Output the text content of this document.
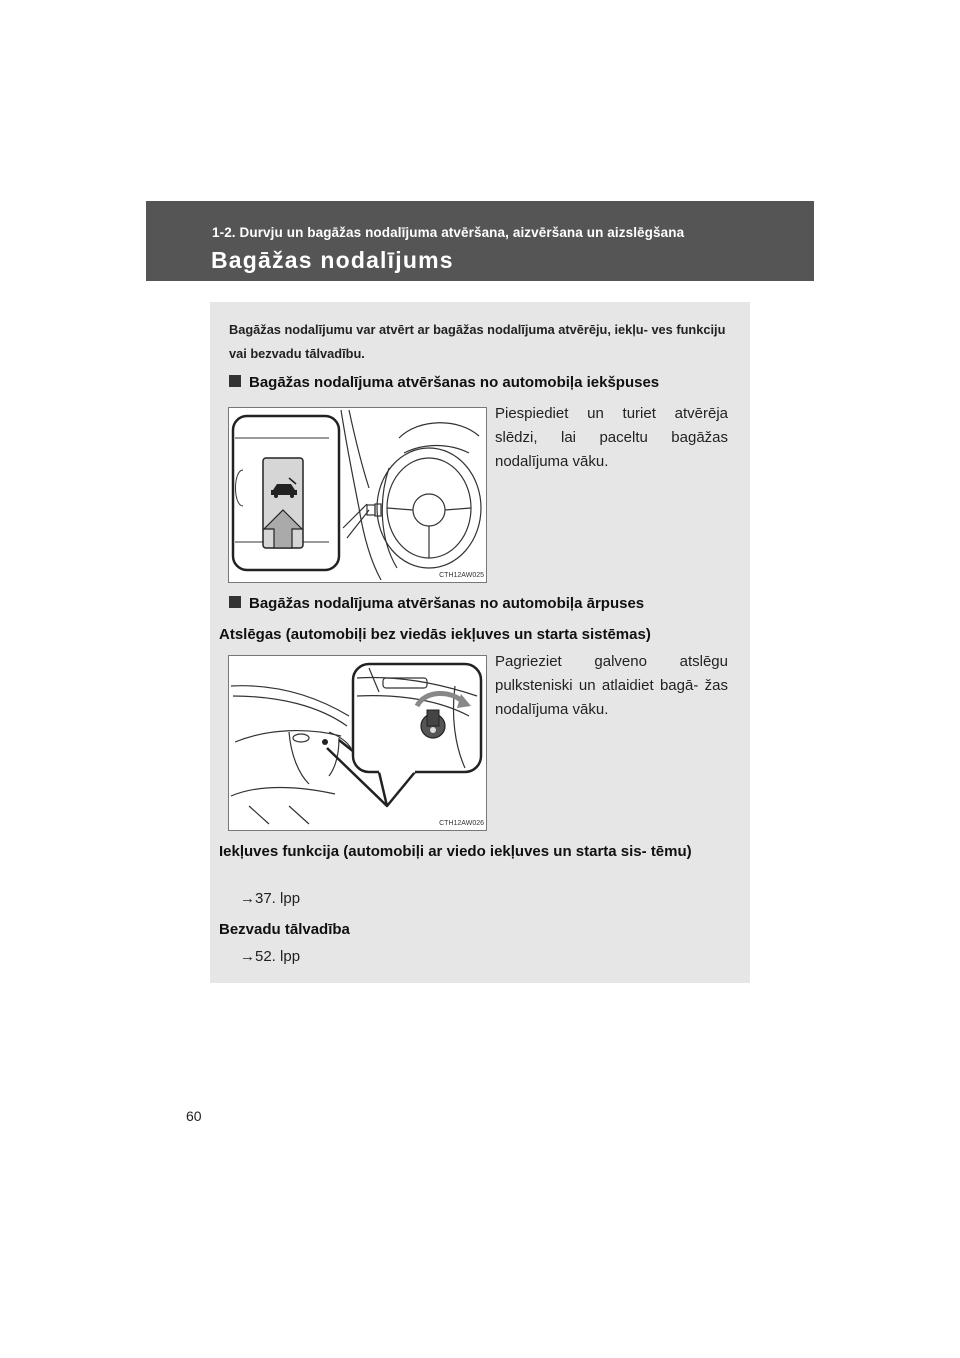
1-2. Durvju un bagāžas nodalījuma atvēršana, aizvēršana un aizslēgšana
Bagāžas nodalījums
Bagāžas nodalījumu var atvērt ar bagāžas nodalījuma atvērēju, iekļu- ves funkciju vai bezvadu tālvadību.
Bagāžas nodalījuma atvēršanas no automobiļa iekšpuses
CTH12AW025
Piespiediet un turiet atvērēja slēdzi, lai paceltu bagāžas nodalījuma vāku.
Bagāžas nodalījuma atvēršanas no automobiļa ārpuses
Atslēgas (automobiļi bez viedās iekļuves un starta sistēmas)
CTH12AW026
Pagrieziet galveno atslēgu pulksteniski un atlaidiet bagā- žas nodalījuma vāku.
Iekļuves funkcija (automobiļi ar viedo iekļuves un starta sis- tēmu)
→37. lpp
Bezvadu tālvadība
→52. lpp
60
